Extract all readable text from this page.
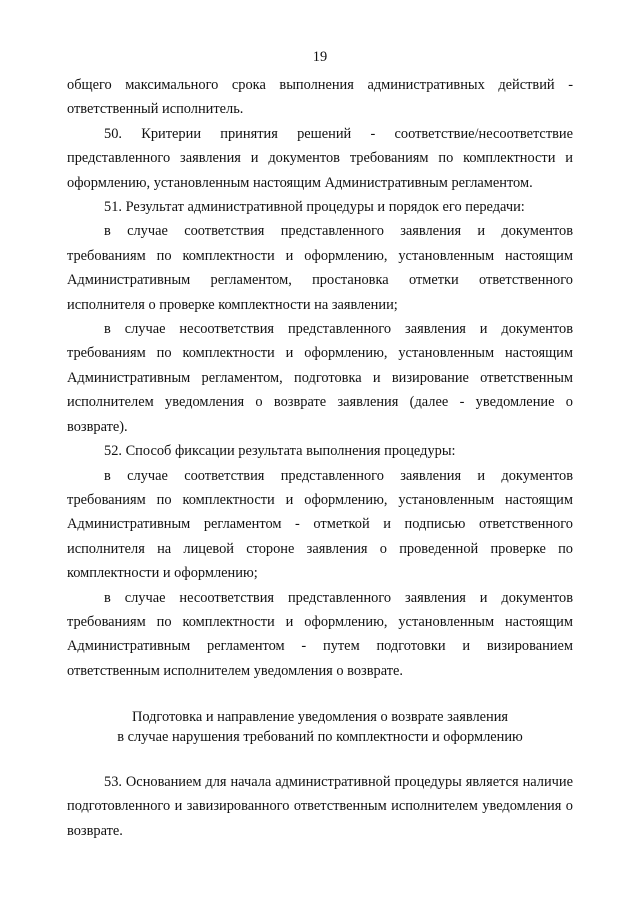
19

общего максимального срока выполнения административных действий - ответственный исполнитель.

50. Критерии принятия решений - соответствие/несоответствие представленного заявления и документов требованиям по комплектности и оформлению, установленным настоящим Административным регламентом.

51. Результат административной процедуры и порядок его передачи:

в случае соответствия представленного заявления и документов требованиям по комплектности и оформлению, установленным настоящим Административным регламентом, простановка отметки ответственного исполнителя о проверке комплектности на заявлении;

в случае несоответствия представленного заявления и документов требованиям по комплектности и оформлению, установленным настоящим Административным регламентом, подготовка и визирование ответственным исполнителем уведомления о возврате заявления (далее - уведомление о возврате).

52. Способ фиксации результата выполнения процедуры:

в случае соответствия представленного заявления и документов требованиям по комплектности и оформлению, установленным настоящим Административным регламентом - отметкой и подписью ответственного исполнителя на лицевой стороне заявления о проведенной проверке по комплектности и оформлению;

в случае несоответствия представленного заявления и документов требованиям по комплектности и оформлению, установленным настоящим Административным регламентом - путем подготовки и визированием ответственным исполнителем уведомления о возврате.

Подготовка и направление уведомления о возврате заявления
в случае нарушения требований по комплектности и оформлению

53. Основанием для начала административной процедуры является наличие подготовленного и завизированного ответственным исполнителем уведомления о возврате.
